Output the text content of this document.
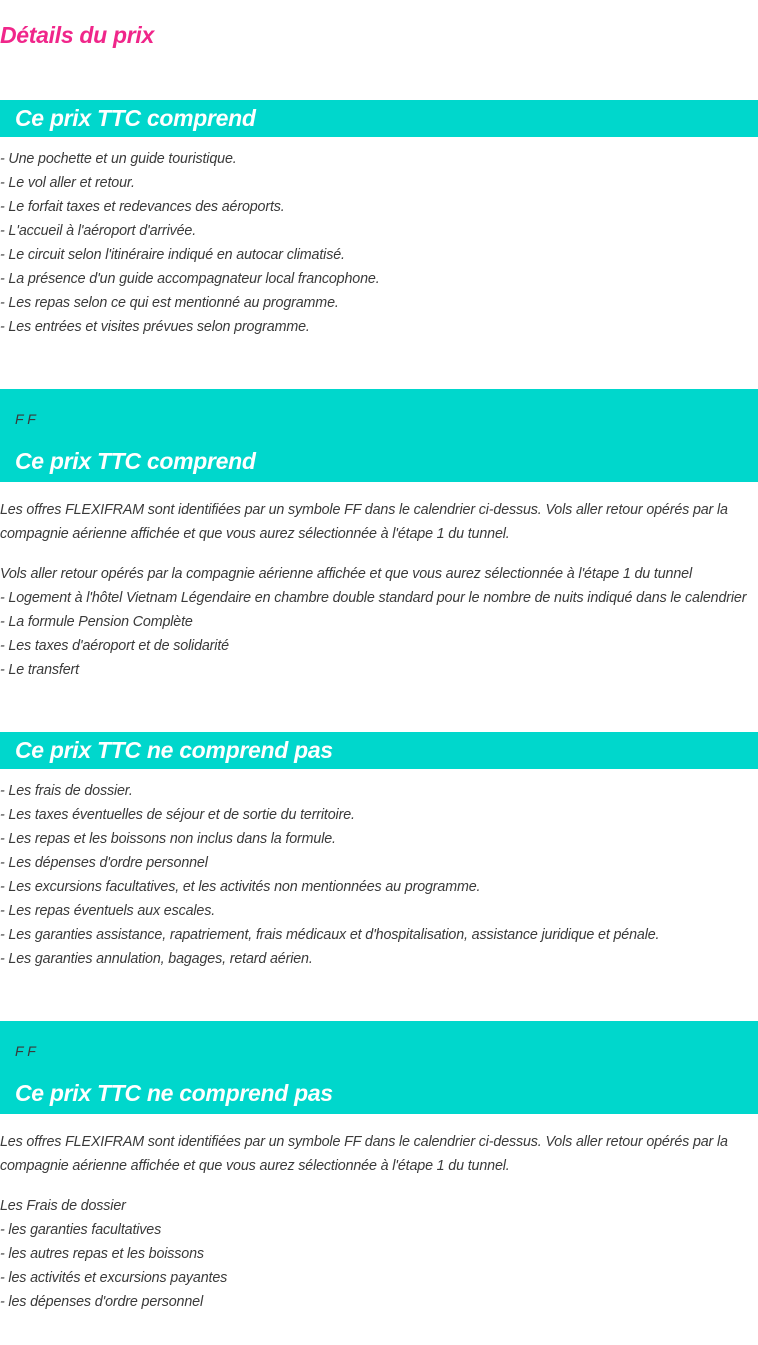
Détails du prix
Ce prix TTC comprend
- Une pochette et un guide touristique.
- Le vol aller et retour.
- Le forfait taxes et redevances des aéroports.
- L'accueil à l'aéroport d'arrivée.
- Le circuit selon l'itinéraire indiqué en autocar climatisé.
- La présence d'un guide accompagnateur local francophone.
- Les repas selon ce qui est mentionné au programme.
- Les entrées et visites prévues selon programme.
F F
Ce prix TTC comprend

Les offres FLEXIFRAM sont identifiées par un symbole FF dans le calendrier ci-dessus. Vols aller retour opérés par la compagnie aérienne affichée et que vous aurez sélectionnée à l'étape 1 du tunnel.

Vols aller retour opérés par la compagnie aérienne affichée et que vous aurez sélectionnée à l'étape 1 du tunnel
- Logement à l'hôtel Vietnam Légendaire en chambre double standard pour le nombre de nuits indiqué dans le calendrier
- La formule Pension Complète
- Les taxes d'aéroport et de solidarité
- Le transfert
Ce prix TTC ne comprend pas
- Les frais de dossier.
- Les taxes éventuelles de séjour et de sortie du territoire.
- Les repas et les boissons non inclus dans la formule.
- Les dépenses d'ordre personnel
- Les excursions facultatives, et les activités non mentionnées au programme.
- Les repas éventuels aux escales.
- Les garanties assistance, rapatriement, frais médicaux et d'hospitalisation, assistance juridique et pénale.
- Les garanties annulation, bagages, retard aérien.
F F
Ce prix TTC ne comprend pas

Les offres FLEXIFRAM sont identifiées par un symbole FF dans le calendrier ci-dessus. Vols aller retour opérés par la compagnie aérienne affichée et que vous aurez sélectionnée à l'étape 1 du tunnel.

Les Frais de dossier
- les garanties facultatives
- les autres repas et les boissons
- les activités et excursions payantes
- les dépenses d'ordre personnel
